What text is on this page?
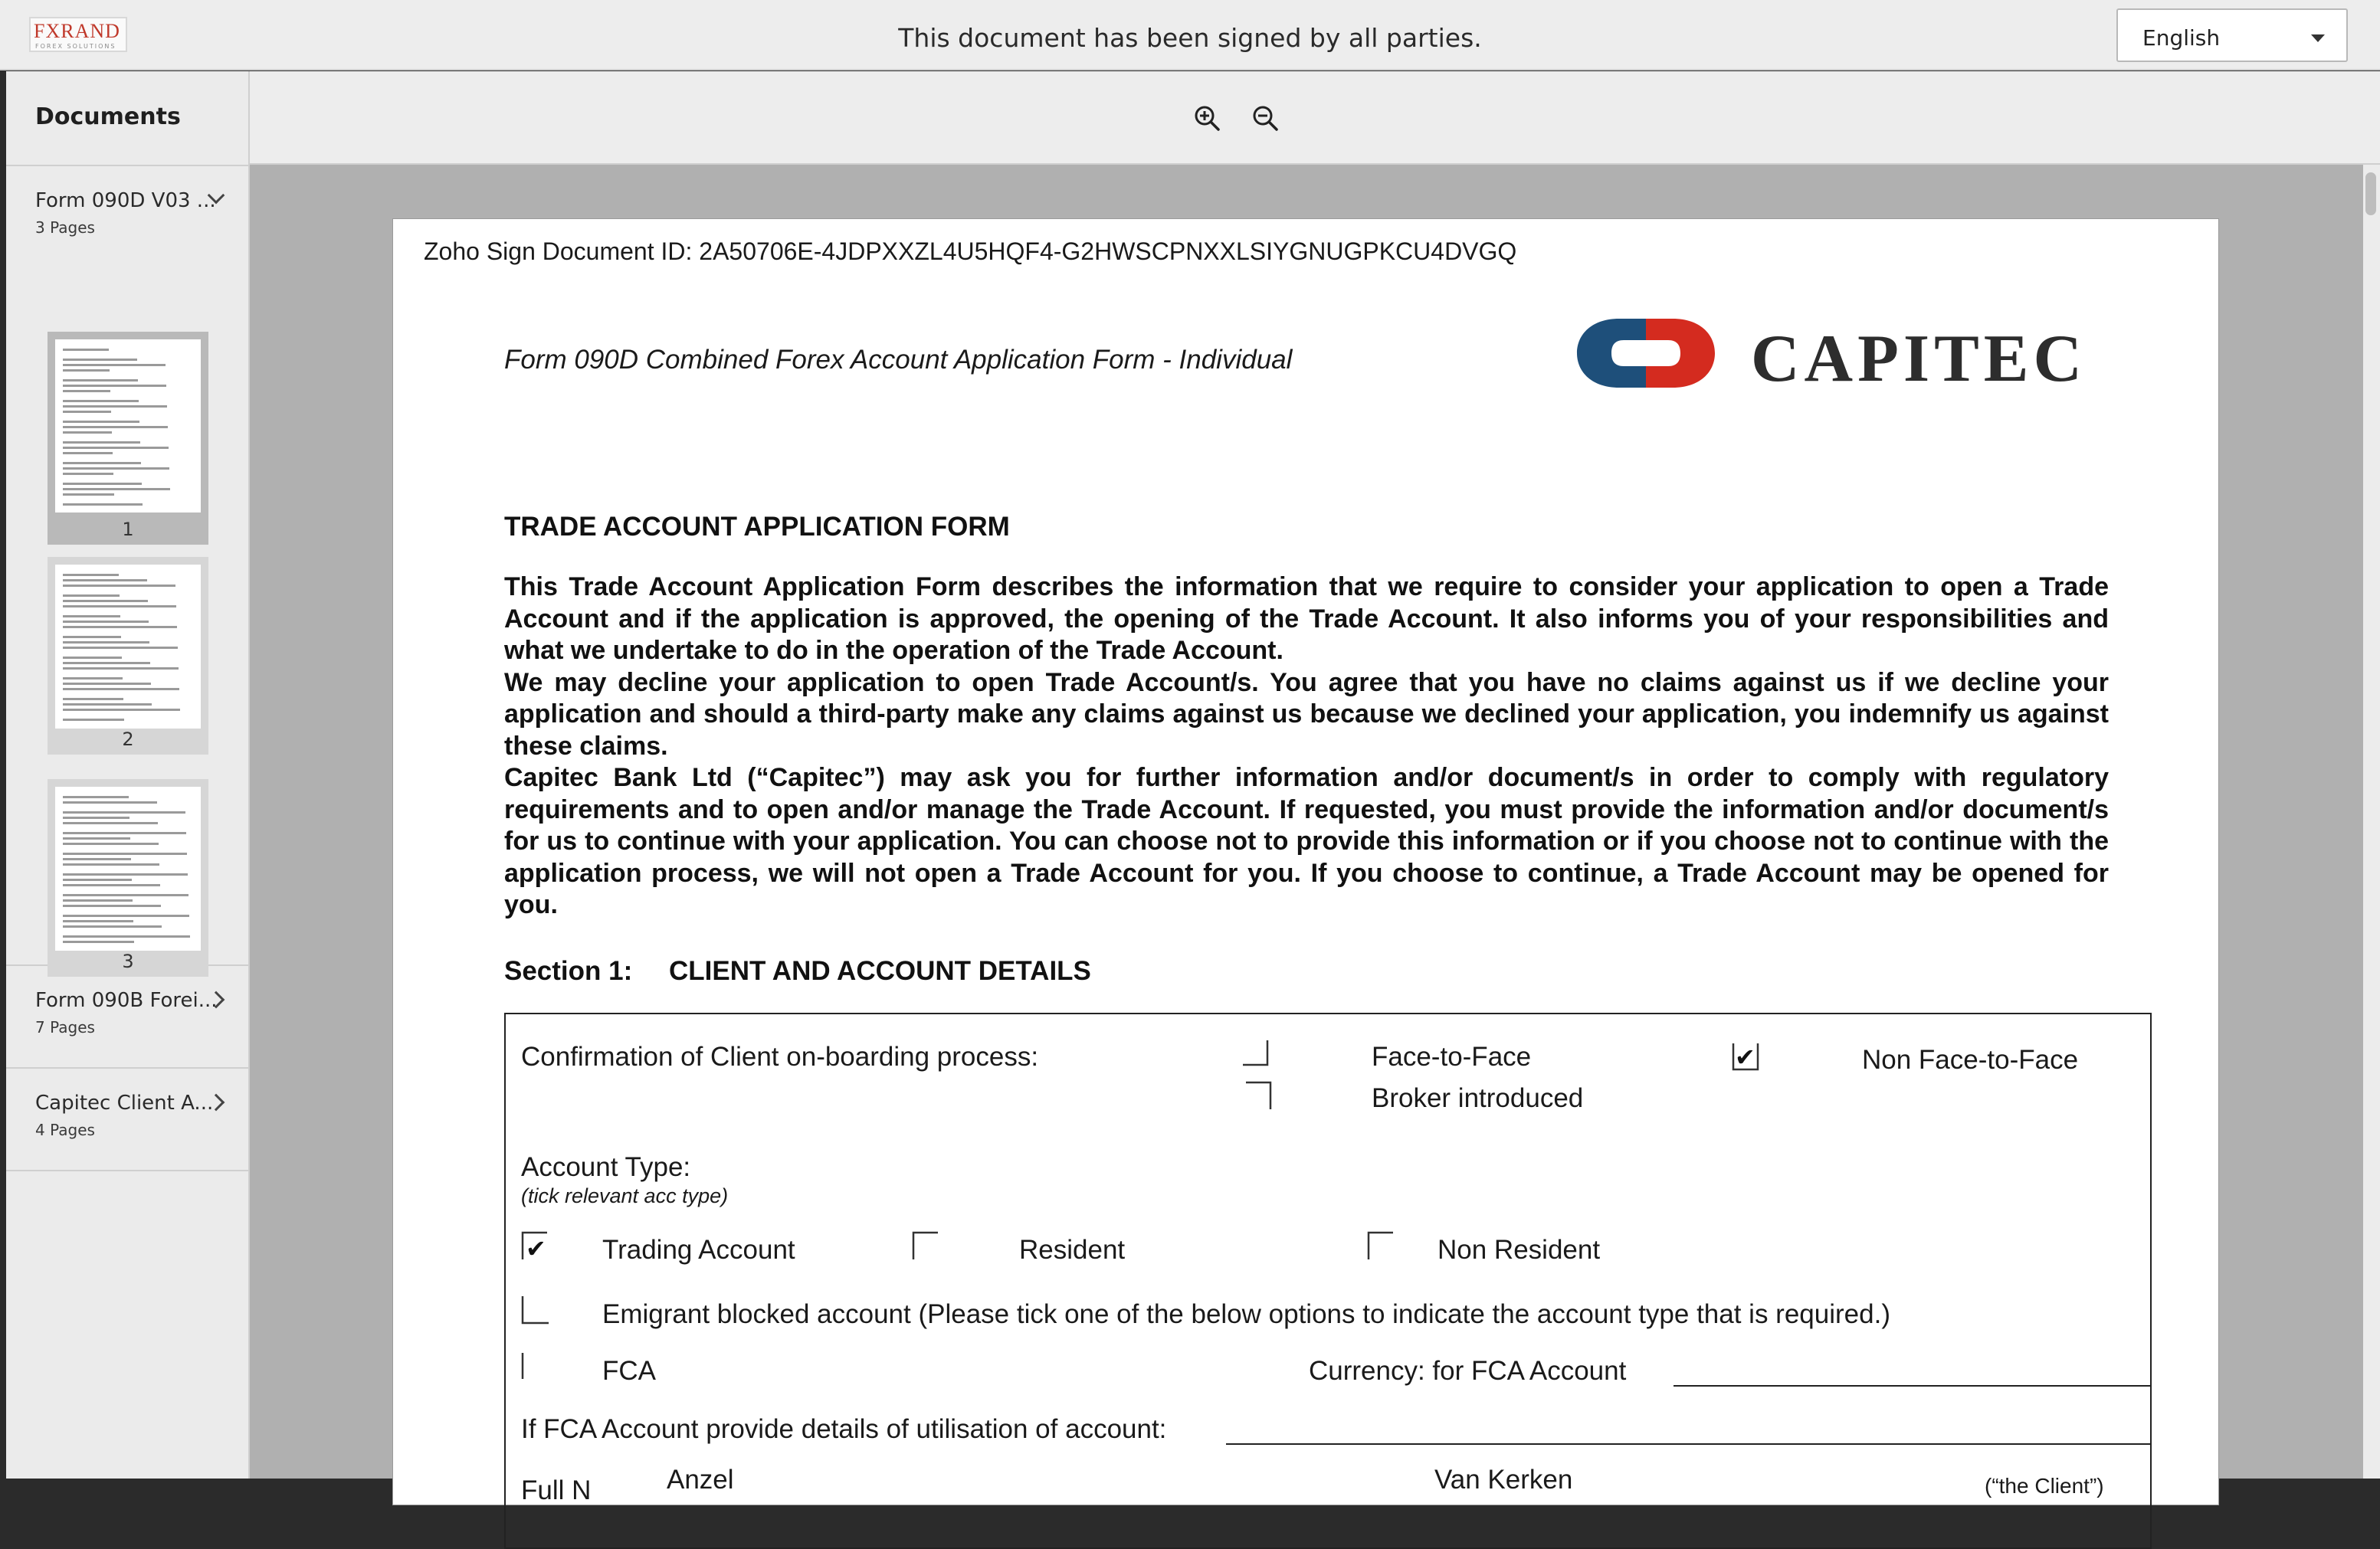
FXRAND
FOREX SOLUTIONS	This document has been signed by all parties.	English
Documents
Form 090D V03 ...
3 Pages
1
2
3
Form 090B Forei...
7 Pages
Capitec Client A...
4 Pages
Zoho Sign Document ID: 2A50706E-4JDPXXZL4U5HQF4-G2HWSCPNXXLSIYGNUGPKCU4DVGQ
Form 090D Combined Forex Account Application Form - Individual	CAPITEC
TRADE ACCOUNT APPLICATION FORM

This Trade Account Application Form describes the information that we require to consider your application to open a Trade Account and if the application is approved, the opening of the Trade Account. It also informs you of your responsibilities and what we undertake to do in the operation of the Trade Account.

We may decline your application to open Trade Account/s. You agree that you have no claims against us if we decline your application and should a third-party make any claims against us because we declined your application, you indemnify us against these claims.

Capitec Bank Ltd (“Capitec”) may ask you for further information and/or document/s in order to comply with regulatory requirements and to open and/or manage the Trade Account. If requested, you must provide the information and/or document/s for us to continue with your application. You can choose not to provide this information or if you choose not to continue with the application process, we will not open a Trade Account for you. If you choose to continue, a Trade Account may be opened for you.

Section 1: CLIENT AND ACCOUNT DETAILS
Confirmation of Client on-boarding process:	Face-to-Face	✔	Non Face-to-Face
Broker introduced
Account Type:
(tick relevant acc type)
✔ Trading Account	Resident	Non Resident
Emigrant blocked account (Please tick one of the below options to indicate the account type that is required.)
FCA	Currency: for FCA Account
If FCA Account provide details of utilisation of account:
Full N	Anzel	Van Kerken	(“the Client”)
